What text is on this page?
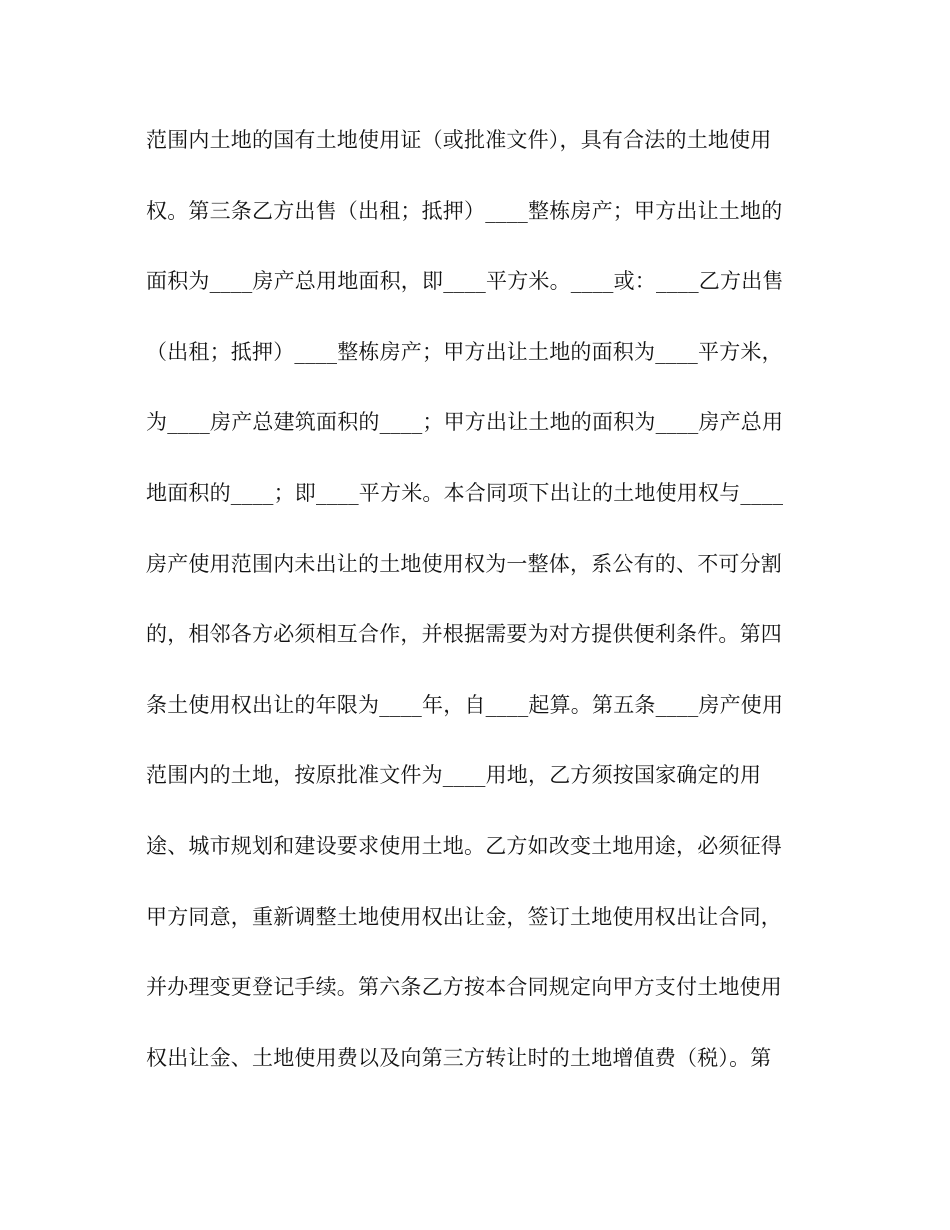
范围内土地的国有土地使用证（或批准文件），具有合法的土地使用
权。第三条乙方出售（出租；抵押）____整栋房产；甲方出让土地的
面积为____房产总用地面积，即____平方米。____或：____乙方出售
（出租；抵押）____整栋房产；甲方出让土地的面积为____平方米，
为____房产总建筑面积的____；甲方出让土地的面积为____房产总用
地面积的____；即____平方米。本合同项下出让的土地使用权与____
房产使用范围内未出让的土地使用权为一整体，系公有的、不可分割
的，相邻各方必须相互合作，并根据需要为对方提供便利条件。第四
条土使用权出让的年限为____年，自____起算。第五条____房产使用
范围内的土地，按原批准文件为____用地，乙方须按国家确定的用
途、城市规划和建设要求使用土地。乙方如改变土地用途，必须征得
甲方同意，重新调整土地使用权出让金，签订土地使用权出让合同，
并办理变更登记手续。第六条乙方按本合同规定向甲方支付土地使用
权出让金、土地使用费以及向第三方转让时的土地增值费（税）。第
